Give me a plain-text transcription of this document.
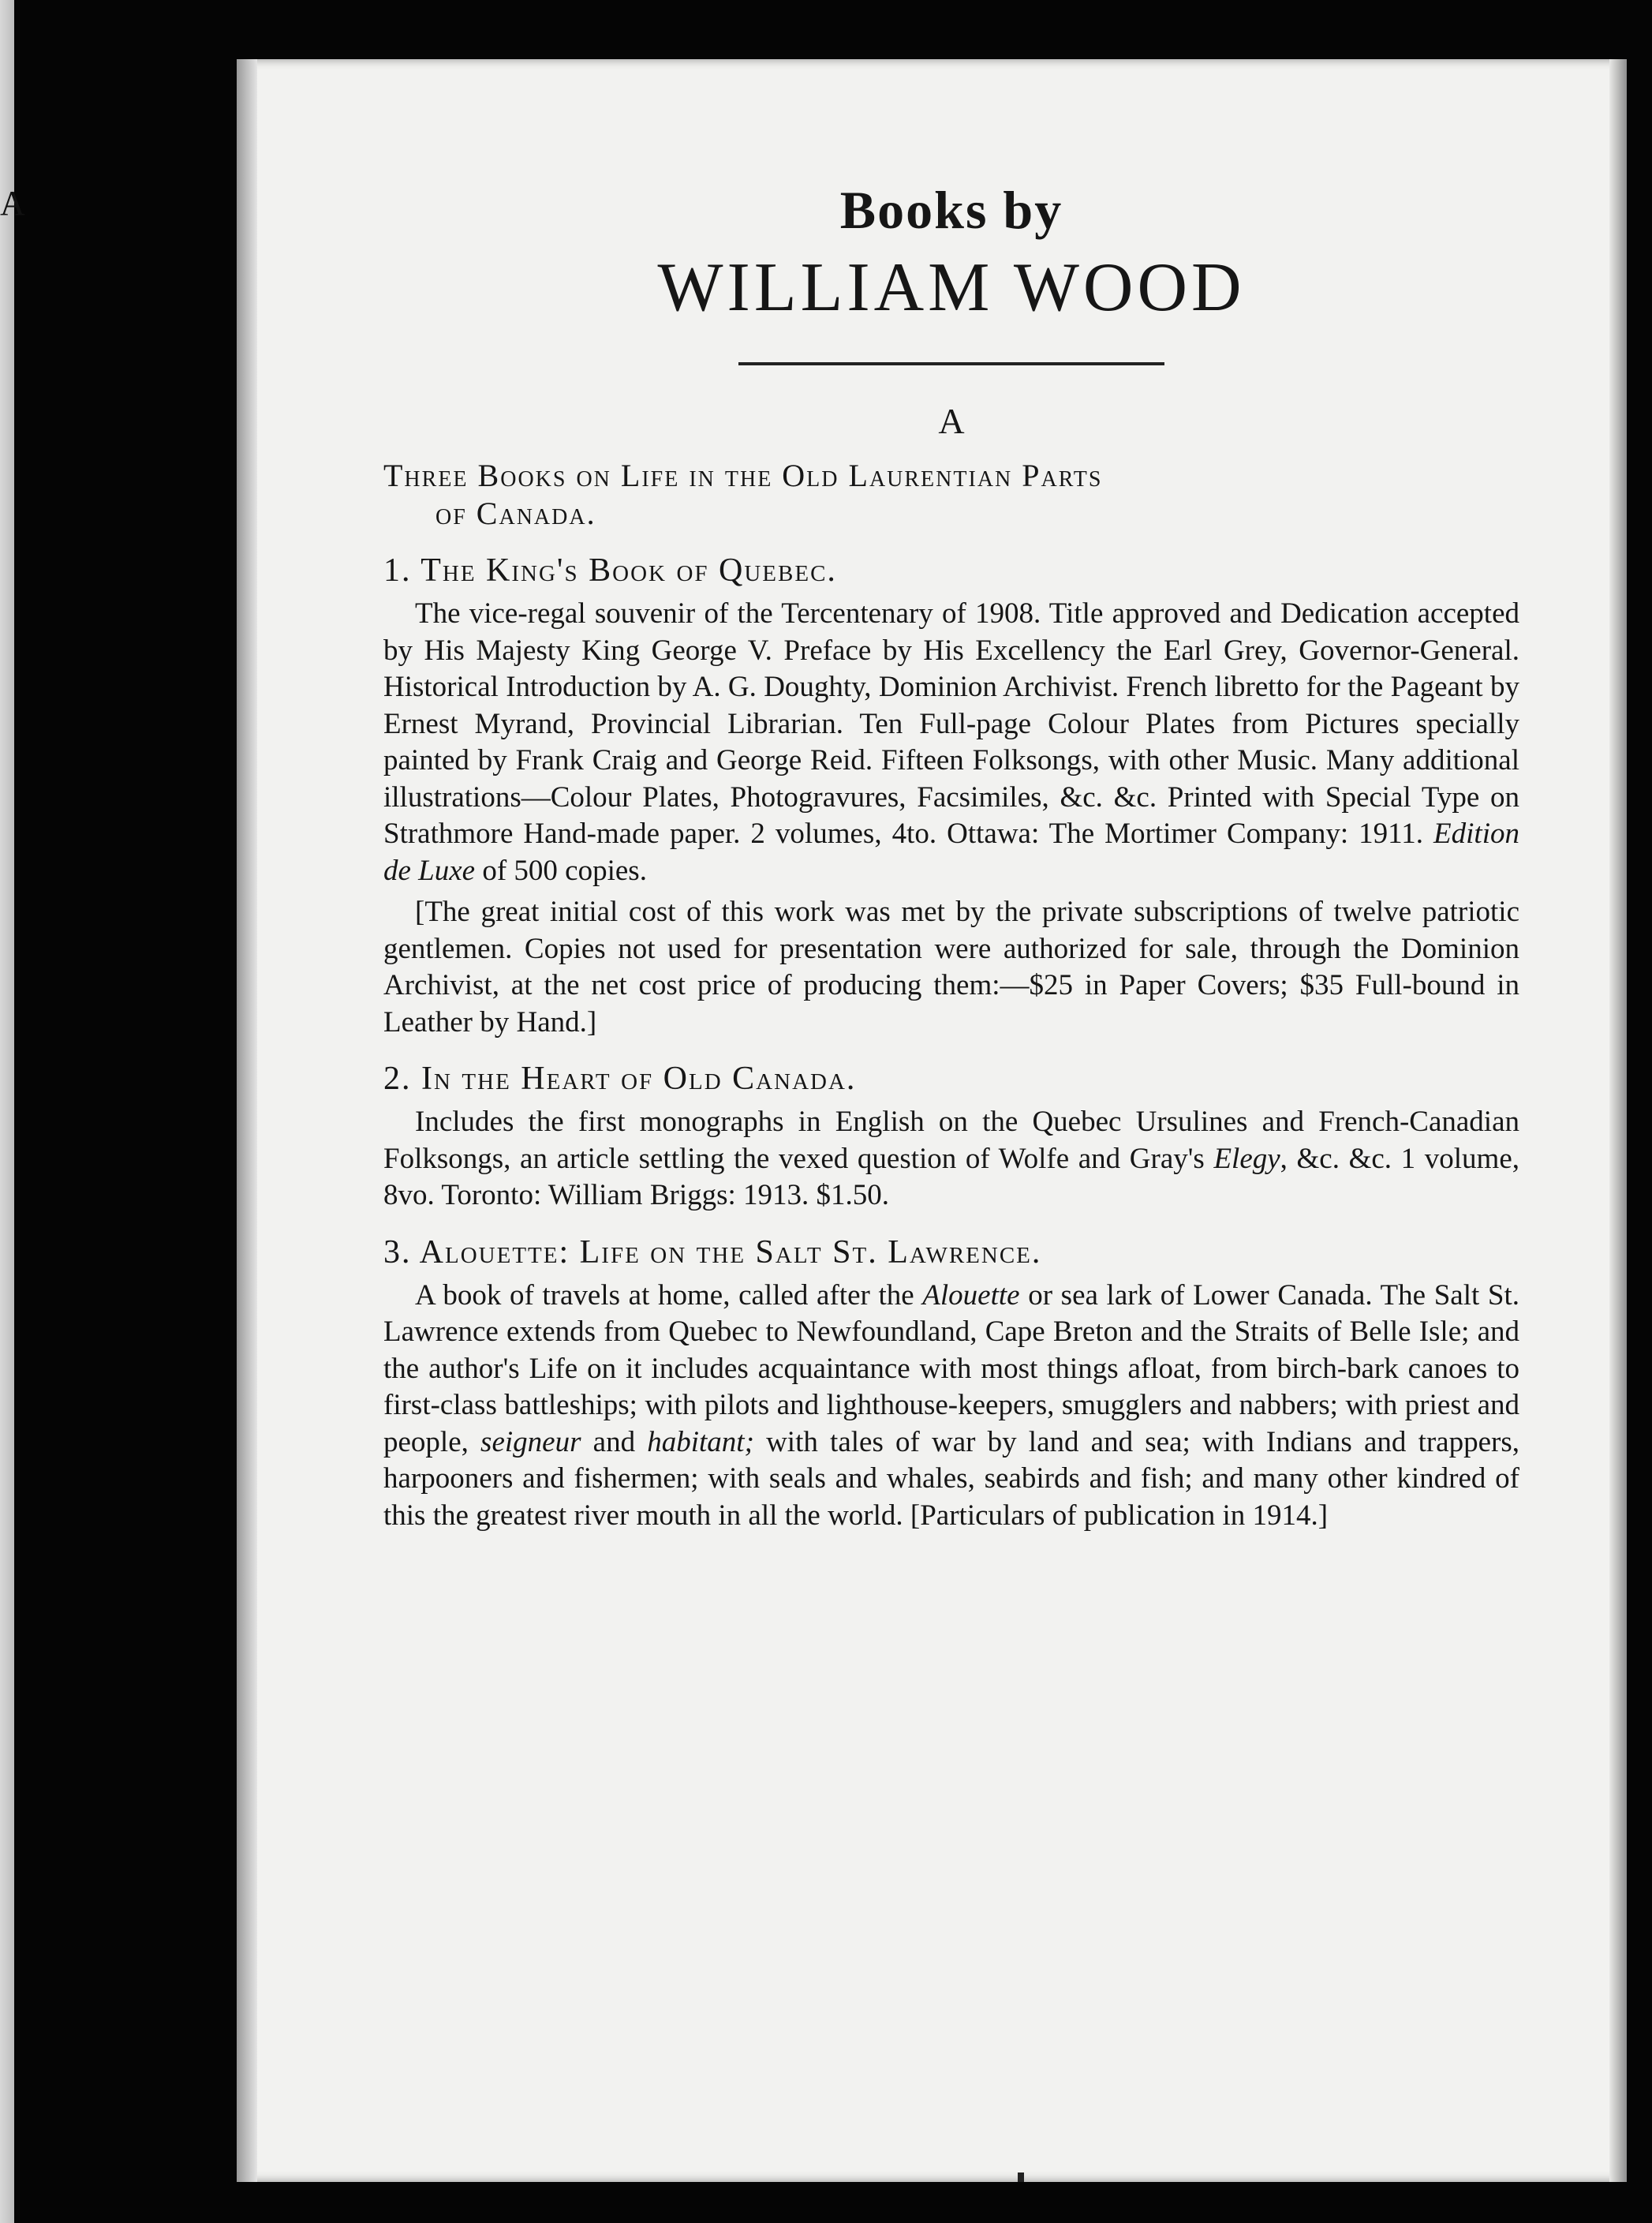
A	Books by
WILLIAM WOOD
A
Three Books on Life in the Old Laurentian Parts
of Canada.
1. The King's Book of Quebec.

The vice-regal souvenir of the Tercentenary of 1908. Title approved and Dedication accepted by His Majesty King George V. Preface by His Excellency the Earl Grey, Governor-General. Historical Introduction by A. G. Doughty, Dominion Archivist. French libretto for the Pageant by Ernest Myrand, Provincial Librarian. Ten Full-page Colour Plates from Pictures specially painted by Frank Craig and George Reid. Fifteen Folksongs, with other Music. Many additional illustrations—Colour Plates, Photogravures, Facsimiles, &c. &c. Printed with Special Type on Strathmore Hand-made paper. 2 volumes, 4to. Ottawa: The Mortimer Company: 1911. Edition de Luxe of 500 copies.

[The great initial cost of this work was met by the private subscriptions of twelve patriotic gentlemen. Copies not used for presentation were authorized for sale, through the Dominion Archivist, at the net cost price of producing them:—$25 in Paper Covers; $35 Full-bound in Leather by Hand.]

2. In the Heart of Old Canada.

Includes the first monographs in English on the Quebec Ursulines and French-Canadian Folksongs, an article settling the vexed question of Wolfe and Gray's Elegy, &c. &c. 1 volume, 8vo. Toronto: William Briggs: 1913. $1.50.

3. Alouette: Life on the Salt St. Lawrence.

A book of travels at home, called after the Alouette or sea lark of Lower Canada. The Salt St. Lawrence extends from Quebec to Newfoundland, Cape Breton and the Straits of Belle Isle; and the author's Life on it includes acquaintance with most things afloat, from birch-bark canoes to first-class battleships; with pilots and lighthouse-keepers, smugglers and nabbers; with priest and people, seigneur and habitant; with tales of war by land and sea; with Indians and trappers, harpooners and fishermen; with seals and whales, seabirds and fish; and many other kindred of this the greatest river mouth in all the world. [Particulars of publication in 1914.]
